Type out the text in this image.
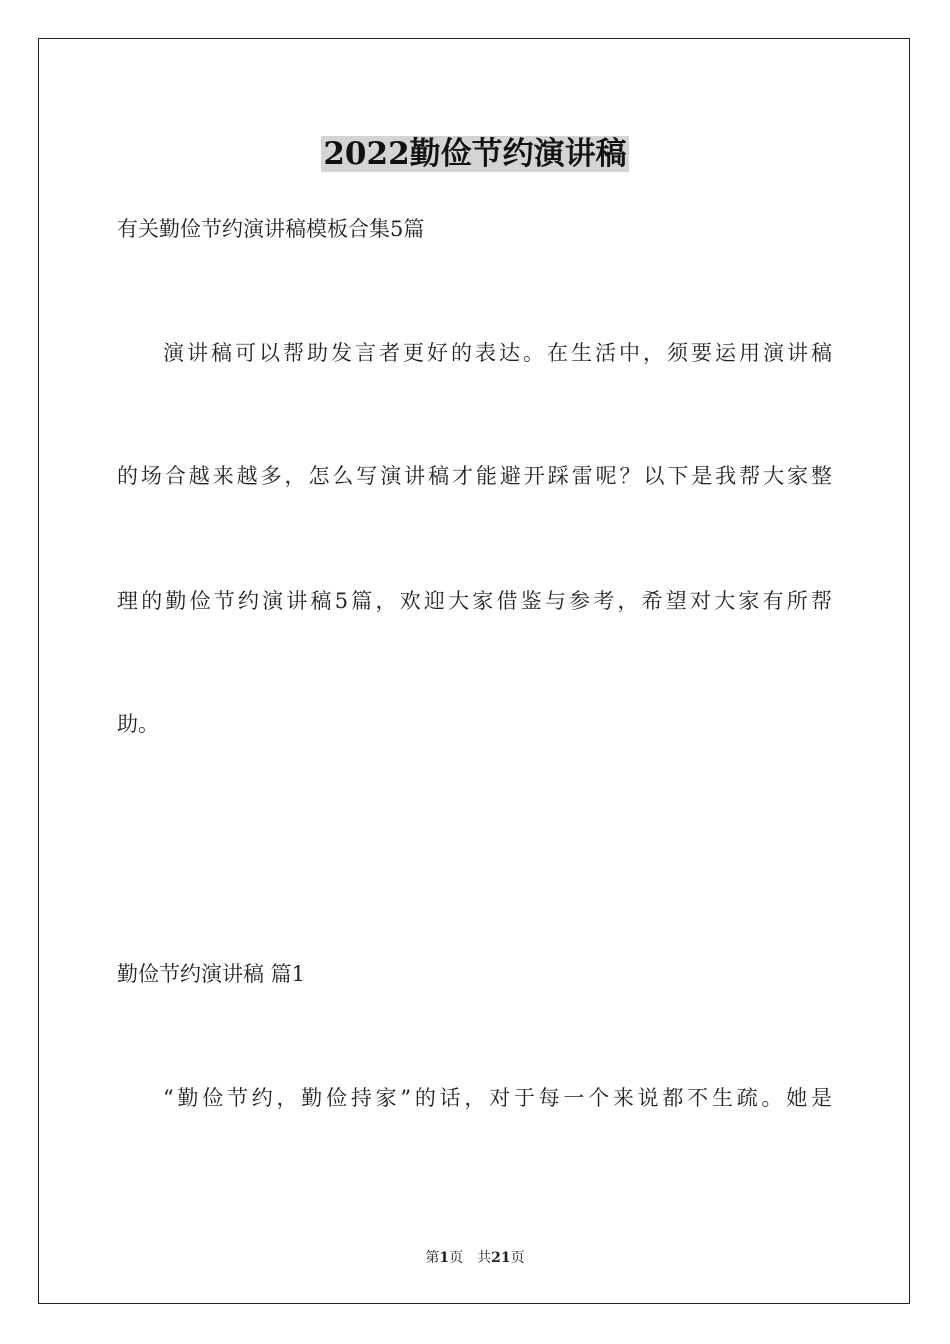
2022勤俭节约演讲稿
有关勤俭节约演讲稿模板合集5篇
演讲稿可以帮助发言者更好的表达。在生活中，须要运用演讲稿
的场合越来越多，怎么写演讲稿才能避开踩雷呢？以下是我帮大家整
理的勤俭节约演讲稿5篇，欢迎大家借鉴与参考，希望对大家有所帮
助。
勤俭节约演讲稿 篇1
“勤俭节约，勤俭持家”的话，对于每一个来说都不生疏。她是
第1页 共21页
